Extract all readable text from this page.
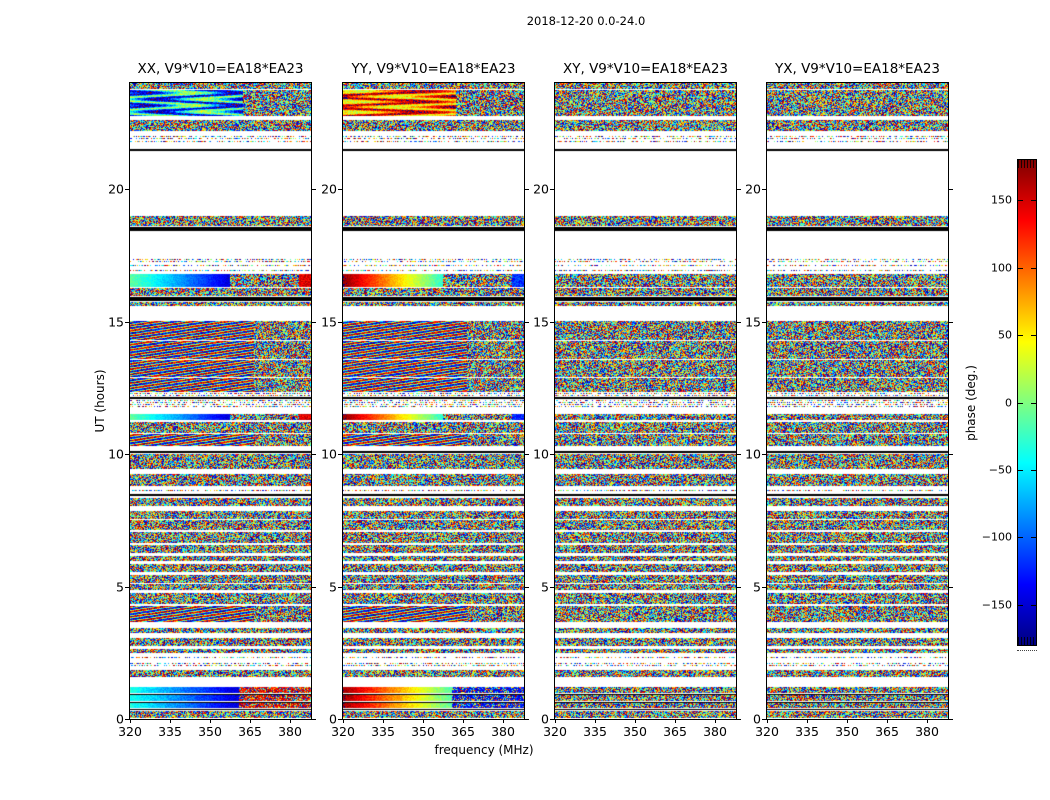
2018-12-20 0.0-24.0
XX, V9*V10=EA18*EA23
320 335 350 365 380
0
5
10
15
20
YY, V9*V10=EA18*EA23
320 335 350 365 380
0
5
10
15
20
XY, V9*V10=EA18*EA23
320 335 350 365 380
0
5
10
15
20
YX, V9*V10=EA18*EA23
320 335 350 365 380
0
5
10
15
20
UT (hours)
frequency (MHz)
150
100
50
0
−50
−100
−150
phase (deg.)
